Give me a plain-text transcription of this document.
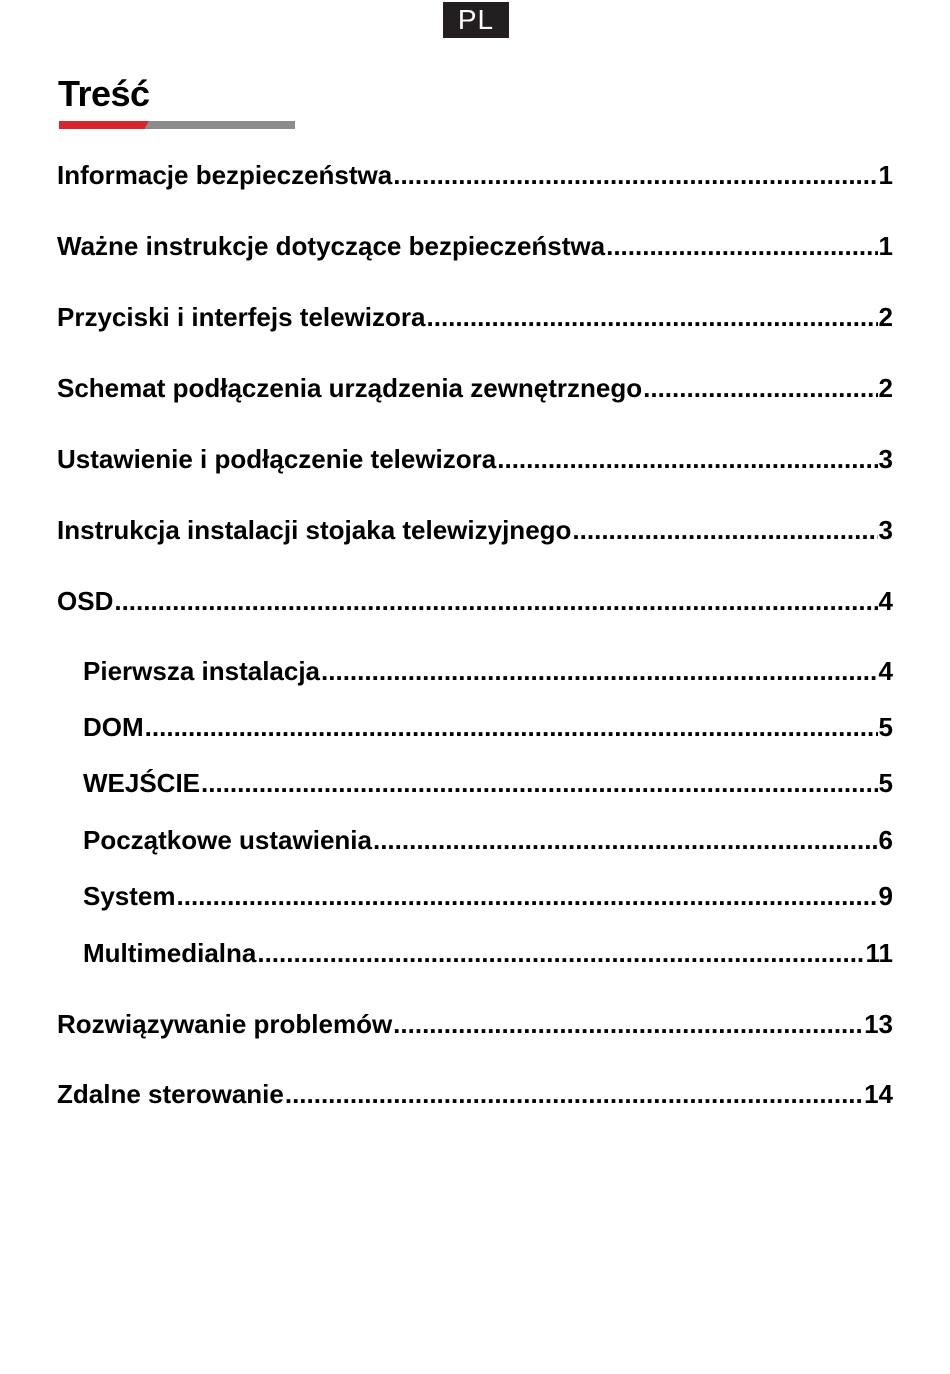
PL
Treść
Informacje bezpieczeństwa .....	1
Ważne instrukcje dotyczące bezpieczeństwa .....	1
Przyciski i interfejs telewizora .....	2
Schemat podłączenia urządzenia zewnętrznego .....	2
Ustawienie i podłączenie telewizora .....	3
Instrukcja instalacji stojaka telewizyjnego .....	3
OSD .....	4
Pierwsza instalacja .....	4
DOM .....	5
WEJŚCIE .....	5
Początkowe ustawienia .....	6
System .....	9
Multimedialna .....	11
Rozwiązywanie problemów .....	13
Zdalne sterowanie .....	14
